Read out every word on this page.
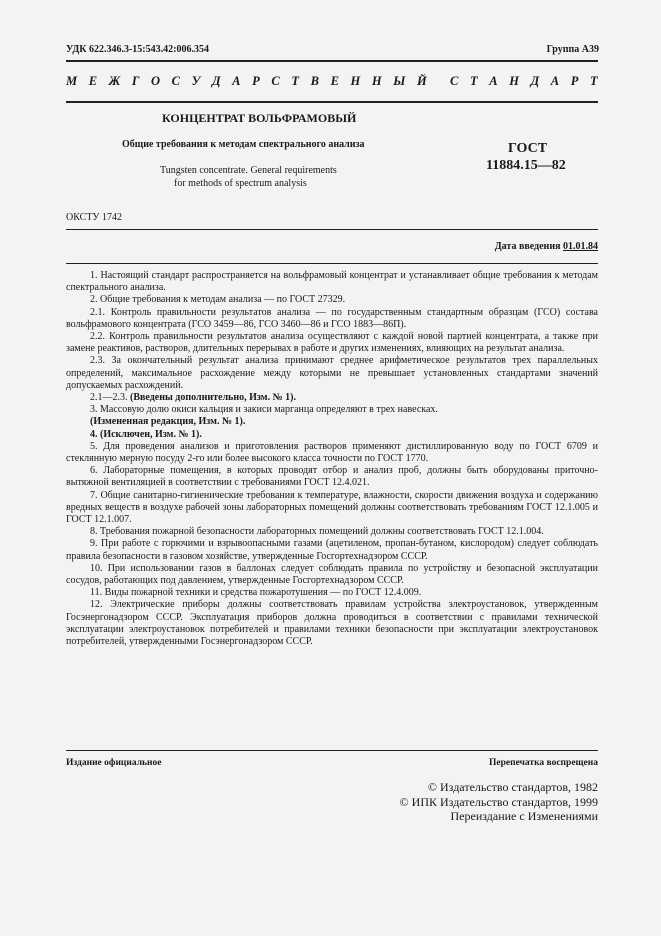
УДК 622.346.3-15:543.42:006.354	Группа А39
М Е Ж Г О С У Д А Р С Т В Е Н Н Ы Й С Т А Н Д А Р Т
КОНЦЕНТРАТ ВОЛЬФРАМОВЫЙ
Общие требования к методам спектрального анализа
Tungsten concentrate. General requirements
for methods of spectrum analysis
ГОСТ
11884.15—82
ОКСТУ 1742
Дата введения 01.01.84

1. Настоящий стандарт распространяется на вольфрамовый концентрат и устанавливает общие требования к методам спектрального анализа.

2. Общие требования к методам анализа — по ГОСТ 27329.

2.1. Контроль правильности результатов анализа — по государственным стандартным образцам (ГСО) состава вольфрамового концентрата (ГСО 3459—86, ГСО 3460—86 и ГСО 1883—86П).

2.2. Контроль правильности результатов анализа осуществляют с каждой новой партией концентрата, а также при замене реактивов, растворов, длительных перерывах в работе и других изменениях, влияющих на результат анализа.

2.3. За окончательный результат анализа принимают среднее арифметическое результатов трех параллельных определений, максимальное расхождение между которыми не превышает установленных стандартами значений допускаемых расхождений.

2.1—2.3. (Введены дополнительно, Изм. № 1).

3. Массовую долю окиси кальция и закиси марганца определяют в трех навесках.

(Измененная редакция, Изм. № 1).

4. (Исключен, Изм. № 1).

5. Для проведения анализов и приготовления растворов применяют дистиллированную воду по ГОСТ 6709 и стеклянную мерную посуду 2-го или более высокого класса точности по ГОСТ 1770.

6. Лабораторные помещения, в которых проводят отбор и анализ проб, должны быть оборудованы приточно-вытяжной вентиляцией в соответствии с требованиями ГОСТ 12.4.021.

7. Общие санитарно-гигиенические требования к температуре, влажности, скорости движения воздуха и содержанию вредных веществ в воздухе рабочей зоны лабораторных помещений должны соответствовать требованиям ГОСТ 12.1.005 и ГОСТ 12.1.007.

8. Требования пожарной безопасности лабораторных помещений должны соответствовать ГОСТ 12.1.004.

9. При работе с горючими и взрывоопасными газами (ацетиленом, пропан-бутаном, кислородом) следует соблюдать правила безопасности в газовом хозяйстве, утвержденные Госгортехнадзором СССР.

10. При использовании газов в баллонах следует соблюдать правила по устройству и безопасной эксплуатации сосудов, работающих под давлением, утвержденные Госгортехнадзором СССР.

11. Виды пожарной техники и средства пожаротушения — по ГОСТ 12.4.009.

12. Электрические приборы должны соответствовать правилам устройства электроустановок, утвержденным Госэнергонадзором СССР. Эксплуатация приборов должна проводиться в соответствии с правилами технической эксплуатации электроустановок потребителей и правилами техники безопасности при эксплуатации электроустановок потребителей, утвержденными Госэнергонадзором СССР.

Издание официальное	Перепечатка воспрещена
© Издательство стандартов, 1982
© ИПК Издательство стандартов, 1999
Переиздание с Изменениями
